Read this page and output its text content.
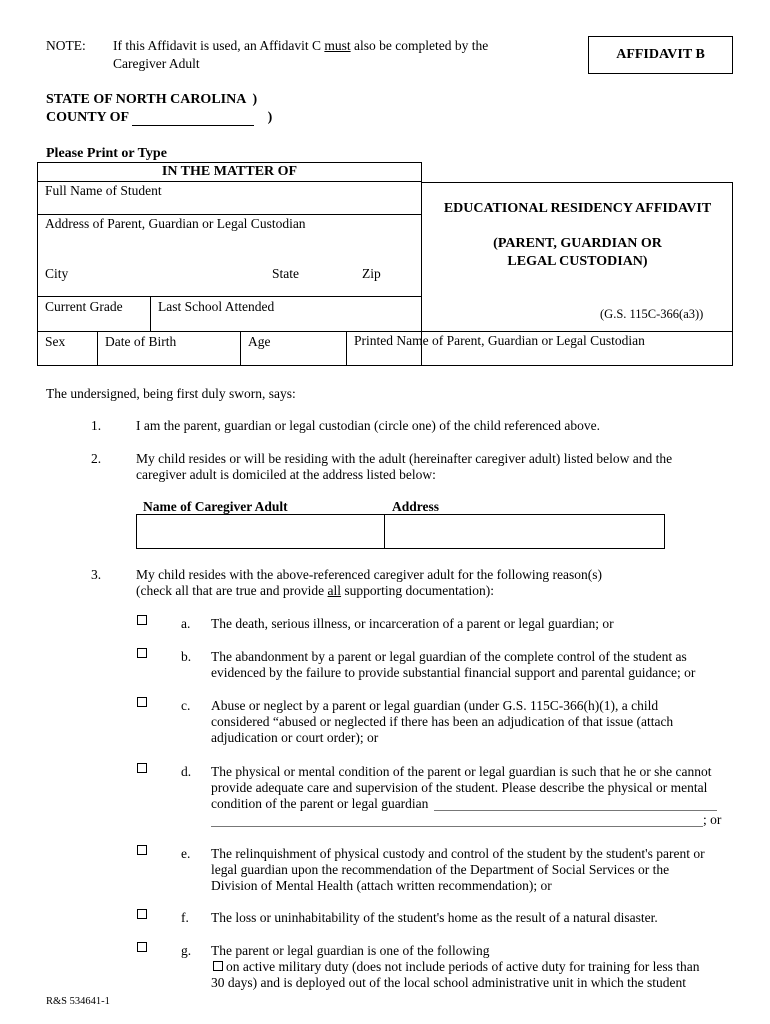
NOTE: If this Affidavit is used, an Affidavit C must also be completed by the
Caregiver Adult
AFFIDAVIT B
STATE OF NORTH CAROLINA  )
COUNTY OF	)
Please Print or Type
IN THE MATTER OF
Full Name of Student
Address of Parent, Guardian or Legal Custodian
City	State	Zip
Current Grade	Last School Attended
Sex	Date of Birth	Age	Printed Name of Parent, Guardian or Legal Custodian
EDUCATIONAL RESIDENCY AFFIDAVIT
(PARENT, GUARDIAN OR
LEGAL CUSTODIAN)
(G.S. 115C-366(a3))
The undersigned, being first duly sworn, says:
1.	I am the parent, guardian or legal custodian (circle one) of the child referenced above.
2.	My child resides or will be residing with the adult (hereinafter caregiver adult) listed below and the
caregiver adult is domiciled at the address listed below:
Name of Caregiver Adult	Address
3.	My child resides with the above-referenced caregiver adult for the following reason(s)
(check all that are true and provide all supporting documentation):
a. The death, serious illness, or incarceration of a parent or legal guardian; or
b. The abandonment by a parent or legal guardian of the complete control of the student as
evidenced by the failure to provide substantial financial support and parental guidance; or
c. Abuse or neglect by a parent or legal guardian (under G.S. 115C-366(h)(1), a child
considered “abused or neglected if there has been an adjudication of that issue (attach
adjudication or court order); or
d. The physical or mental condition of the parent or legal guardian is such that he or she cannot
provide adequate care and supervision of the student. Please describe the physical or mental
condition of the parent or legal guardian
; or
e. The relinquishment of physical custody and control of the student by the student's parent or
legal guardian upon the recommendation of the Department of Social Services or the
Division of Mental Health (attach written recommendation); or
f. The loss or uninhabitability of the student's home as the result of a natural disaster.
g. The parent or legal guardian is one of the following
on active military duty (does not include periods of active duty for training for less than
30 days) and is deployed out of the local school administrative unit in which the student
R&S 534641-1
